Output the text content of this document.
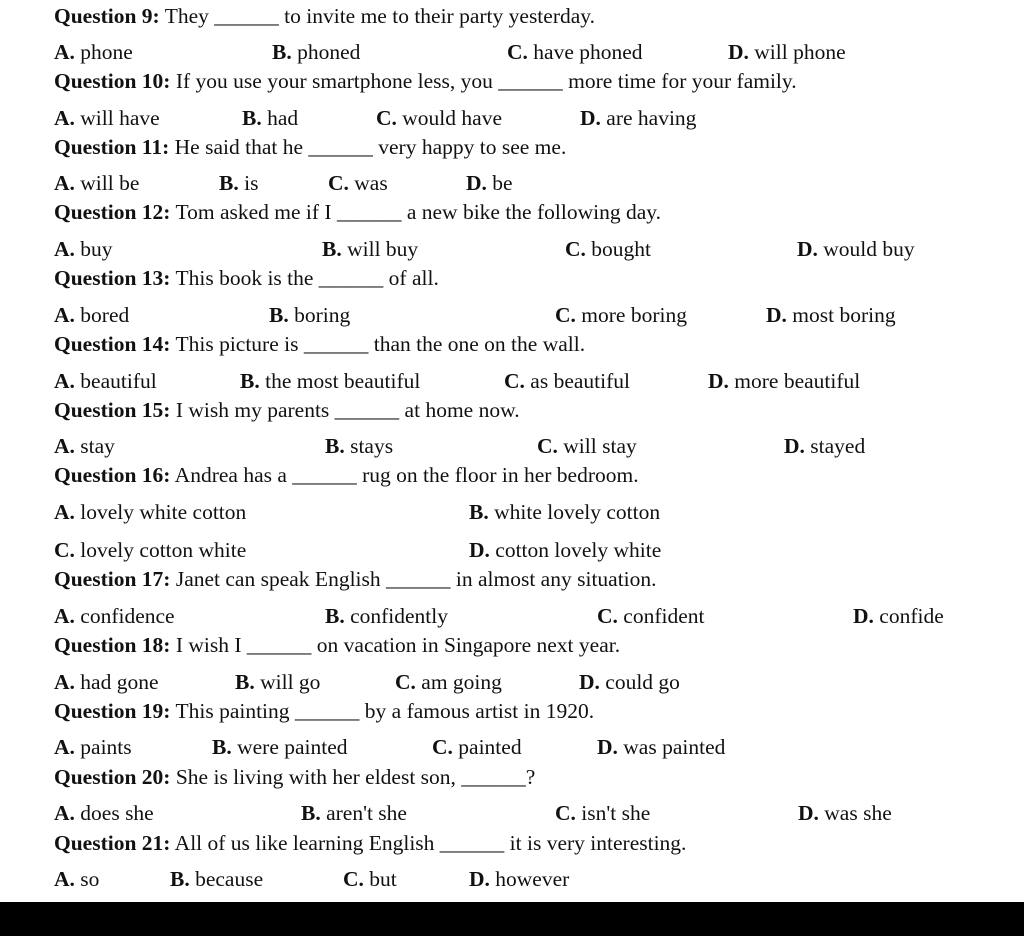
Question 9: They ______ to invite me to their party yesterday.
A. phone	B. phoned	C. have phoned	D. will phone
Question 10: If you use your smartphone less, you ______ more time for your family.
A. will have	B. had	C. would have	D. are having
Question 11: He said that he ______ very happy to see me.
A. will be	B. is	C. was	D. be
Question 12: Tom asked me if I ______ a new bike the following day.
A. buy	B. will buy	C. bought	D. would buy
Question 13: This book is the ______ of all.
A. bored	B. boring	C. more boring	D. most boring
Question 14: This picture is ______ than the one on the wall.
A. beautiful	B. the most beautiful	C. as beautiful	D. more beautiful
Question 15: I wish my parents ______ at home now.
A. stay	B. stays	C. will stay	D. stayed
Question 16: Andrea has a ______ rug on the floor in her bedroom.
A. lovely white cotton	B. white lovely cotton
C. lovely cotton white	D. cotton lovely white
Question 17: Janet can speak English ______ in almost any situation.
A. confidence	B. confidently	C. confident	D. confide
Question 18: I wish I ______ on vacation in Singapore next year.
A. had gone	B. will go	C. am going	D. could go
Question 19: This painting ______ by a famous artist in 1920.
A. paints	B. were painted	C. painted	D. was painted
Question 20: She is living with her eldest son, ______?
A. does she	B. aren't she	C. isn't she	D. was she
Question 21: All of us like learning English ______ it is very interesting.
A. so	B. because	C. but	D. however
